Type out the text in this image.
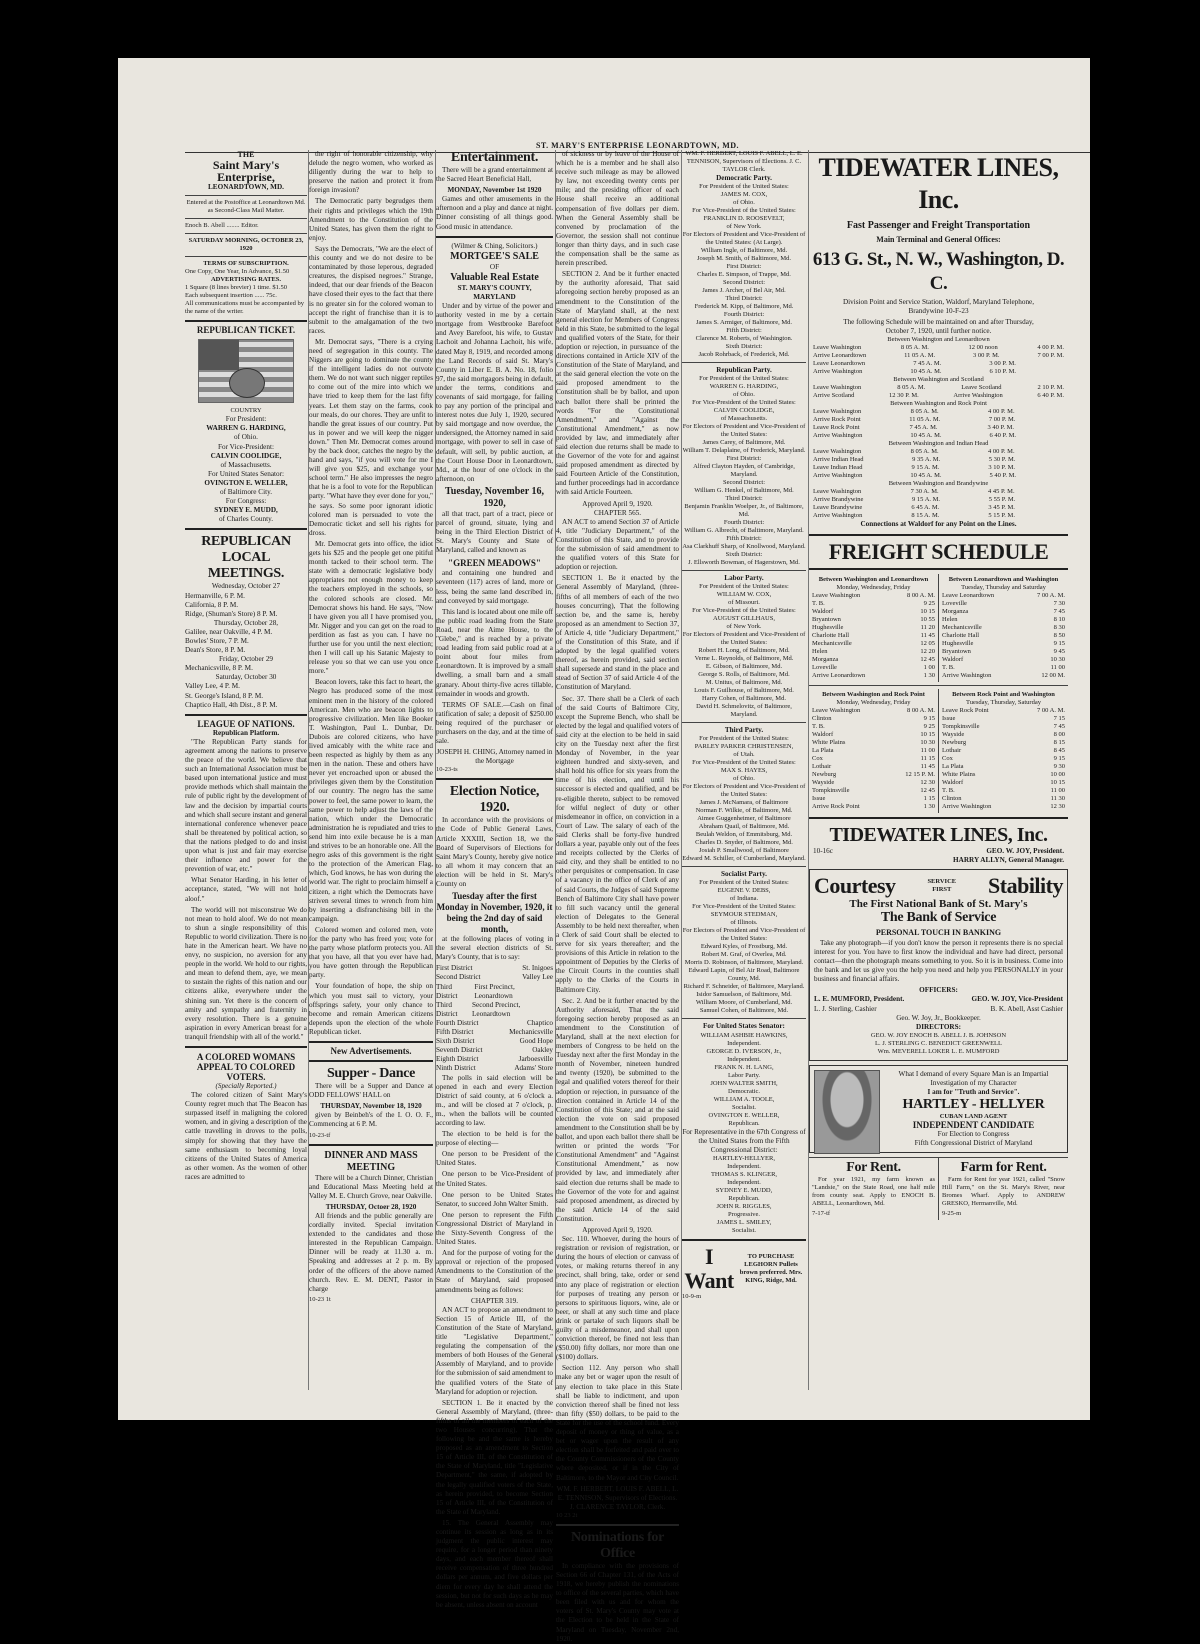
ST. MARY'S ENTERPRISE LEONARDTOWN, MD.
THE
Saint Mary's Enterprise,
LEONARDTOWN, MD.
Entered at the Postoffice at Leonardtown Md. as Second-Class Mail Matter.
Enoch B. Abell ........ Editor.
SATURDAY MORNING, OCTOBER 23, 1920
TERMS OF SUBSCRIPTION.
One Copy, One Year, In Advance, $1.50
ADVERTISING RATES.
1 Square (8 lines brevier) 1 time. $1.50
Each subsequent insertion ...... 75c.
All communications must be accompanied by the name of the writer.
REPUBLICAN TICKET.
COUNTRY
For President:
WARREN G. HARDING,
of Ohio.
For Vice-President:
CALVIN COOLIDGE,
of Massachusetts.
For United States Senator:
OVINGTON E. WELLER,
of Baltimore City.
For Congress:
SYDNEY E. MUDD,
of Charles County.
REPUBLICAN
LOCAL MEETINGS.
Wednesday, October 27
Hermanville, 6 P. M.
California, 8 P. M.
Ridge, (Shuman's Store) 8 P. M.
Thursday, October 28,
Galilee, near Oakville, 4 P. M.
Bowles' Store, 7 P. M.
Dean's Store, 8 P. M.
Friday, October 29
Mechanicsville, 8 P. M.
Saturday, October 30
Valley Lee, 4 P. M.
St. George's Island, 8 P. M.
Chaptico Hall, 4th Dist., 8 P. M.
LEAGUE OF NATIONS.
Republican Platform.

"The Republican Party stands for agreement among the nations to preserve the peace of the world. We believe that such an International Association must be based upon international justice and must provide methods which shall maintain the rule of public right by the development of law and the decision by impartial courts and which shall secure instant and general international conference whenever peace shall be threatened by political action, so that the nations pledged to do and insist upon what is just and fair may exercise their influence and power for the prevention of war, etc."

What Senator Harding, in his letter of acceptance, stated, "We will not hold aloof."

The world will not misconstrue We do not mean to hold aloof. We do not mean to shun a single responsibility of this Republic to world civilization. There is no hate in the American heart. We have no envy, no suspicion, no aversion for any people in the world. We hold to our rights, and mean to defend them, aye, we mean to sustain the rights of this nation and our citizens alike, everywhere under the shining sun. Yet there is the concern of amity and sympathy and fraternity in every resolution. There is a genuine aspiration in every American breast for a tranquil friendship with all of the world."

A COLORED WOMANS APPEAL TO COLORED VOTERS.
(Specially Reported.)

The colored citizen of Saint Mary's County regret much that The Beacon has surpassed itself in maligning the colored women, and in giving a description of the cattle travelling in droves to the polls, simply for showing that they have the same enthusiasm to becoming loyal citizens of the United States of America as other women. As the women of other races are admitted to

the right of honorable citizenship, why delude the negro women, who worked as diligently during the war to help to preserve the nation and protect it from foreign invasion?

The Democratic party begrudges them their rights and privileges which the 19th Amendment to the Constitution of the United States, has given them the right to enjoy.

Says the Democrats, "We are the elect of this county and we do not desire to be contaminated by those leperous, degraded creatures, the dispised negroes." Strange, indeed, that our dear friends of the Beacon have closed their eyes to the fact that there is no greater sin for the colored woman to accept the right of franchise than it is to submit to the amalgamation of the two races.

Mr. Democrat says, "There is a crying need of segregation in this county. The Niggers are going to dominate the county if the intelligent ladies do not outvote them. We do not want such nigger reptiles to come out of the mire into which we have tried to keep them for the last fifty years. Let them stay on the farms, cook our meals, do our chores. They are unfit to handle the great issues of our country. Put us in power and we will keep the nigger down." Then Mr. Democrat comes around by the back door, catches the negro by the hand and says, "if you will vote for me I will give you $25, and exchange your school term." He also impresses the negro that he is a fool to vote for the Republican party. "What have they ever done for you," he says. So some poor ignorant idiotic colored man is persuaded to vote the Democratic ticket and sell his rights for dross.

Mr. Democrat gets into office, the idiot gets his $25 and the people get one pitiful month tacked to their school term. The state with a democratic legislative body appropriates not enough money to keep the teachers employed in the schools, so the colored schools are closed. Mr. Democrat shows his hand. He says, "Now I have given you all I have promised you, Mr. Nigger and you can get on the road to perdition as fast as you can. I have no further use for you until the next election; then I will call up his Satanic Majesty to release you so that we can use you once more."

Beacon lovers, take this fact to heart, the Negro has produced some of the most eminent men in the history of the colored American. Men who are beacon lights to progressive civilization. Men like Booker T. Washington, Paul L. Dunbar, Dr. Dubois are colored citizens, who have lived amicably with the white race and been respected as highly by them as any men in the nation. These and others have never yet encroached upon or abused the privileges given them by the Constitution of our country. The negro has the same power to feel, the same power to learn, the same power to help adjust the laws of the nation, which under the Democratic administration he is repudiated and tries to send him into exile because he is a man and strives to be an honorable one. All the negro asks of this government is the right to the protection of the American Flag, which, God knows, he has won during the world war. The right to proclaim himself a citizen, a right which the Democrats have striven several times to wrench from him by inserting a disfranchising bill in the campaign.

Colored women and colored men, vote for the party who has freed you; vote for the party whose platform protects you. All that you have, all that you ever have had, you have gotten through the Republican party.

Your foundation of hope, the ship on which you must sail to victory, your offsprings safety, your only chance to become and remain American citizens depends upon the election of the whole Republican ticket.

New Advertisements.
Supper - Dance

There will be a Supper and Dance at ODD FELLOWS' HALL on

THURSDAY, November 18, 1920

given by Beinbeh's of the I. O. O. F., Commencing at 6 P. M.

10-23-tf
DINNER AND MASS MEETING

There will be a Church Dinner, Christian and Educational Mass Meeting held at Valley M. E. Church Grove, near Oakville.

THURSDAY, Octoer 28, 1920

All friends and the public generally are cordially invited. Special invitation extended to the candidates and those interested in the Republican Campaign. Dinner will be ready at 11.30 a. m. Speaking and addresses at 2 p. m. By order of the officers of the above named church. Rev. E. M. DENT, Pastor in charge

10-23 1t
Entertainment.

There will be a grand entertainment at the Sacred Heart Beneficial Hall,

MONDAY, November 1st 1920

Games and other amusements in the afternoon and a play and dance at night. Dinner consisting of all things good. Good music in attendance.

(Wilmer & Ching, Solicitors.)
MORTGEE'S SALE
OF
Valuable Real Estate
ST. MARY'S COUNTY, MARYLAND

Under and by virtue of the power and authority vested in me by a certain mortgage from Westbrooke Barefoot and Avey Barefoot, his wife, to Gustav Lachoit and Johanna Lachoit, his wife, dated May 8, 1919, and recorded among the Land Records of said St. Mary's County in Liber E. B. A. No. 18, folio 97, the said mortgagors being in default, under the terms, conditions and covenants of said mortgage, for failing to pay any portion of the principal and interest notes due July 1, 1920, secured by said mortgage and now overdue, the undersigned, the Attorney named in said mortgage, with power to sell in case of default, will sell, by public auction, at the Court House Door in Leonardtown, Md., at the hour of one o'clock in the afternoon, on

Tuesday, November 16, 1920,

all that tract, part of a tract, piece or parcel of ground, situate, lying and being in the Third Election District of St. Mary's County and State of Maryland, called and known as

"GREEN MEADOWS"

and containing one hundred and seventeen (117) acres of land, more or less, being the same land described in, and conveyed by said mortgage.

This land is located about one mile off the public road leading from the State Road, near the Aime House, to the "Glebe," and is reached by a private road leading from said public road at a point about four miles from Leonardtown. It is improved by a small dwelling, a small barn and a small granary. About thirty-five acres tillable, remainder in woods and growth.

TERMS OF SALE.—Cash on final ratification of sale; a deposit of $250.00 being required of the purchaser or purchasers on the day, and at the time of sale.

JOSEPH H. CHING, Attorney named in the Mortgage
10-23-ts
Election Notice, 1920.

In accordance with the provisions of the Code of Public General Laws, Article XXXIII, Section 18, we the Board of Supervisors of Elections for Saint Mary's County, hereby give notice to all whom it may concern that an election will be held in St. Mary's County on

Tuesday after the first Monday in November, 1920, it being the 2nd day of said month,

at the following places of voting in the several election districts of St. Mary's County, that is to say:

First District	St. Inigoes
Second District	Valley Lee
Third District
First Precinct, Leonardtown
Third District
Second Precinct, Leonardtown
Fourth District	Chaptico
Fifth District	Mechanicsville
Sixth District	Good Hope
Seventh District	Oakley
Eighth District	Jarboesville
Ninth District	Adams' Store

The polls in said election will be opened in each and every Election District of said county, at 6 o'clock a. m., and will be closed at 7 o'clock, p. m., when the ballots will be counted according to law.

The election to be held is for the purpose of electing—

One person to be President of the United States.

One person to be Vice-President of the United States.

One person to be United States Senator, to succeed John Walter Smith.

One person to represent the Fifth Congressional District of Maryland in the Sixty-Seventh Congress of the United States.

And for the purpose of voting for the approval or rejection of the proposed Amendments to the Constitution of the State of Maryland, said proposed amendments being as follows:

CHAPTER 319.

AN ACT to propose an amendment to Section 15 of Article III, of the Constitution of the State of Maryland, title "Legislative Department," regulating the compensation of the members of both Houses of the General Assembly of Maryland, and to provide for the submission of said amendment to the qualified voters of the State of Maryland for adoption or rejection.

SECTION 1. Be it enacted by the General Assembly of Maryland, (three-fifths of all the members of each of the two Houses concurring), That the following be and the same is hereby proposed as an amendment to Section 15 of Article III, of the Constitution of the State of Maryland, title "Legislative Department," the same, if adopted by the legally qualified voters of the State, as herein provided, to become Section 15 of Article III, of the Constitution of the State of Maryland.

15. The General Assembly may continue its session as long as in its judgment the public interest may require, for a longer period than ninety days, and each member thereof shall receive compensation of three hundred dollars per annum, and five dollars per diem for every day he shall attend the session, but not for such days as he may be absent, unless absent on account

of sickness or by leave of the House of which he is a member and he shall also receive such mileage as may be allowed by law, not exceeding twenty cents per mile; and the presiding officer of each House shall receive an additional compensation of five dollars per diem. When the General Assembly shall be convened by proclamation of the Governor, the session shall not continue longer than thirty days, and in such case the compensation shall be the same as herein prescribed.

SECTION 2. And be it further enacted by the authority aforesaid, That said aforegoing section hereby proposed as an amendment to the Constitution of the State of Maryland shall, at the next general election for Members of Congress held in this State, be submitted to the legal and qualified voters of the State, for their adoption or rejection, in pursuance of the directions contained in Article XIV of the Constitution of the State of Maryland, and at the said general election the vote on the said proposed amendment to the Constitution shall be by ballot, and upon each ballot there shall be printed the words "For the Constitutional Amendment," and "Against the Constitutional Amendment," as now provided by law, and immediately after said election due returns shall be made to the Governor of the vote for and against said proposed amendment as directed by said Fourteen Article of the Constitution, and further proceedings had in accordance with said Article Fourteen.

Approved April 9, 1920.
CHAPTER 565.

AN ACT to amend Section 37 of Article 4, title "Judiciary Department," of the Constitution of this State, and to provide for the submission of said amendment to the qualified voters of this State for adoption or rejection.

SECTION 1. Be it enacted by the General Assembly of Maryland, (three-fifths of all members of each of the two houses concurring), That the following section be, and the same is, hereby proposed as an amendment to Section 37, of Article 4, title "Judiciary Department," of the Constitution of this State, and if adopted by the legal qualified voters thereof, as herein provided, said section shall supersede and stand in the place and stead of Section 37 of said Article 4 of the Constitution of Maryland.

Sec. 37. There shall be a Clerk of each of the said Courts of Baltimore City, except the Supreme Bench, who shall be elected by the legal and qualified voters of said city at the election to be held in said city on the Tuesday next after the first Monday of November, in the year eighteen hundred and sixty-seven, and shall hold his office for six years from the time of his election, and until his successor is elected and qualified, and be re-eligible thereto, subject to be removed for wilful neglect of duty or other misdemeanor in office, on conviction in a Court of Law. The salary of each of the said Clerks shall be forty-five hundred dollars a year, payable only out of the fees and receipts collected by the Clerks of said city, and they shall be entitled to no other perquisites or compensation. In case of a vacancy in the office of Clerk of any of said Courts, the Judges of said Supreme Bench of Baltimore City shall have power to fill such vacancy until the general election of Delegates to the General Assembly to be held next thereafter, when a Clerk of said Court shall be elected to serve for six years thereafter; and the provisions of this Article in relation to the appointment of Deputies by the Clerks of the Circuit Courts in the counties shall apply to the Clerks of the Courts in Baltimore City.

Sec. 2. And be it further enacted by the Authority aforesaid, That the said foregoing section hereby proposed as an amendment to the Constitution of Maryland, shall at the next election for members of Congress to be held on the Tuesday next after the first Monday in the month of November, nineteen hundred and twenty (1920), be submitted to the legal and qualified voters thereof for their adoption or rejection, in pursuance of the direction contained in Article 14 of the Constitution of this State; and at the said election the vote on said proposed amendment to the Constitution shall be by ballot, and upon each ballot there shall be written or printed the words "For Constitutional Amendment" and "Against Constitutional Amendment," as now provided by law, and immediately after said election due returns shall be made to the Governor of the vote for and against said proposed amendment, as directed by the said Article 14 of the said Constitution.

Approved April 9, 1920.

Sec. 110. Whoever, during the hours of registration or revision of registration, or during the hours of election or canvass of votes, or making returns thereof in any precinct, shall bring, take, order or send into any place of registration or election for purposes of treating any person or persons to spirituous liquors, wine, ale or beer, or shall at any such time and place drink or partake of such liquors shall be guilty of a misdemeanor, and shall upon conviction thereof, be fined not less than ($50.00) fifty dollars, nor more than one ($100) dollars.

Section 112. Any person who shall make any bet or wager upon the result of any election to take place in this State shall be liable to indictment, and upon conviction thereof shall be fined not less than fifty ($50) dollars, to be paid to the State for the use of the school fund. Every deposit of money or thing of value, as a bet or wager upon the result of any election shall be forfeited and paid over to the County Commissioners of the County where deposited, or if in the City of Baltimore, to the Mayor and City Council.

WM. F. HERBERT, LOUIS F. ABELL, L. E. TENNISON, Supervisors of Elections.
J. CLARENCE TAYLOR, Clerk.
10 23 2t
Nominations for Office

In compliance with the provisions of Section 66 of Chapter 131, of the Acts of 1918, we hereby publish the nominations to office of the several parties, which have been filed with us and for whom the voters of St. Mary's County may vote at the Election to be held in the State of Maryland on Tuesday, November 2nd, 1920.

WM. F. HERBERT, LOUIS F. ABELL, L. E. TENNISON, Supervisors of Elections. J. C. TAYLOR Clerk.
Democratic Party.
For President of the United States:
JAMES M. COX,
of Ohio.
For Vice-President of the United States:
FRANKLIN D. ROOSEVELT,
of New York.
For Electors of President and Vice-President of the United States: (At Large).
William Ingle, of Baltimore, Md.
Joseph M. Smith, of Baltimore, Md.
First District:
Charles E. Simpson, of Trappe, Md.
Second District:
James J. Archer, of Bel Air, Md.
Third District:
Frederick M. Kipp, of Baltimore, Md.
Fourth District:
James S. Armiger, of Baltimore, Md.
Fifth District:
Clarence M. Roberts, of Washington.
Sixth District:
Jacob Rohrback, of Frederick, Md.
Republican Party.
For President of the United States:
WARREN G. HARDING,
of Ohio.
For Vice-President of the United States:
CALVIN COOLIDGE,
of Massachusetts.
For Electors of President and Vice-President of the United States:
James Carey, of Baltimore, Md.
William T. Delaplaine, of Frederick, Maryland.
First District:
Alfred Clayton Hayden, of Cambridge, Maryland.
Second District:
William G. Henkel, of Baltimore, Md.
Third District:
Benjamin Franklin Woelper, Jr., of Baltimore, Md.
Fourth District:
William G. Albrecht, of Baltimore, Maryland.
Fifth District:
Asa Clarkhuff Sharp, of Knollwood, Maryland.
Sixth District:
J. Ellsworth Bowman, of Hagerstown, Md.
Labor Party.
For President of the United States:
WILLIAM W. COX,
of Missouri.
For Vice-President of the United States:
AUGUST GILLHAUS,
of New York.
For Electors of President and Vice-President of the United States:
Robert H. Long, of Baltimore, Md.
Verne L. Reynolds, of Baltimore, Md.
E. Gibson, of Baltimore, Md.
George S. Rolls, of Baltimore, Md.
M. Unitus, of Baltimore, Md.
Louis F. Guilhouse, of Baltimore, Md.
Harry Cohen, of Baltimore, Md.
David H. Schmelovitz, of Baltimore, Maryland.
Third Party.
For President of the United States:
PARLEY PARKER CHRISTENSEN,
of Utah.
For Vice-President of the United States:
MAX S. HAYES,
of Ohio.
For Electors of President and Vice-President of the United States:
James J. McNamara, of Baltimore
Norman F. Wilkie, of Baltimore, Md.
Aimee Guggenheimer, of Baltimore
Abraham Quail, of Baltimore, Md.
Beulah Weldon, of Emmitsburg, Md.
Charles D. Snyder, of Baltimore, Md.
Josiah P. Smallwood, of Baltimore
Edward M. Schiller, of Cumberland, Maryland.
Socialist Party.
For President of the United States:
EUGENE V. DEBS,
of Indiana.
For Vice-President of the United States:
SEYMOUR STEDMAN,
of Illinois.
For Electors of President and Vice-President of the United States:
Edward Kyles, of Frostburg, Md.
Robert M. Graf, of Overlea, Md.
Morris D. Robinson, of Baltimore, Maryland.
Edward Lapin, of Bel Air Road, Baltimore County, Md.
Richard F. Schneider, of Baltimore, Maryland.
Isidor Samuelson, of Baltimore, Md.
William Moore, of Cumberland, Md.
Samuel Cohen, of Baltimore, Md.
For United States Senator:
WILLIAM ASHBIE HAWKINS,
Independent.
GEORGE D. IVERSON, Jr.,
Independent.
FRANK N. H. LANG,
Labor Party.
JOHN WALTER SMITH,
Democratic.
WILLIAM A. TOOLE,
Socialist.
OVINGTON E. WELLER,
Republican.
For Representative in the 67th Congress of the United States from the Fifth Congressional District:
HARTLEY-HELLYER,
Independent.
THOMAS S. KLINGER,
Independent.
SYDNEY E. MUDD,
Republican.
JOHN R. RIGGLES,
Progressive.
JAMES L. SMILEY,
Socialist.
I Want
TO PURCHASE LEGHORN Pullets brown preferred. Mrs. KING, Ridge, Md.
10-9-m
TIDEWATER LINES, Inc.
Fast Passenger and Freight Transportation
Main Terminal and General Offices:
613 G. St., N. W., Washington, D. C.
Division Point and Service Station, Waldorf, Maryland Telephone, Brandywine 10-F-23
The following Schedule will be maintained on and after Thursday,
October 7, 1920, until further notice.
Between Washington and Leonardtown
Leave Washington	8 05 A. M.	12 00 noon	4 00 P. M.
Arrive Leonardtown	11 05 A. M.	3 00 P. M.	7 00 P. M.
Leave Leonardtown	7 45 A. M.	3 00 P. M.
Arrive Washington	10 45 A. M.	6 10 P. M.
Between Washington and Scotland
Leave Washington	8 05 A. M.	Leave Scotland	2 10 P. M.
Arrive Scotland	12 30 P. M.	Arrive Washington	6 40 P. M.
Between Washington and Rock Point
Leave Washington	8 05 A. M.	4 00 P. M.
Arrive Rock Point	11 05 A. M.	7 00 P. M.
Leave Rock Point	7 45 A. M.	3 40 P. M.
Arrive Washington	10 45 A. M.	6 40 P. M.
Between Washington and Indian Head
Leave Washington	8 05 A. M.	4 00 P. M.
Arrive Indian Head	9 35 A. M.	5 30 P. M.
Leave Indian Head	9 15 A. M.	3 10 P. M.
Arrive Washington	10 45 A. M.	5 40 P. M.
Between Washington and Brandywine
Leave Washington	7 30 A. M.	4 45 P. M.
Arrive Brandywine	9 15 A. M.	5 55 P. M.
Leave Brandywine	6 45 A. M.	3 45 P. M.
Arrive Washington	8 15 A. M.	5 15 P. M.
Connections at Waldorf for any Point on the Lines.
FREIGHT SCHEDULE
Between Washington and Leonardtown
Monday, Wednesday, Friday
Leave Washington	8 00 A. M.
T. B.	9 25
Waldorf	10 15
Bryantown	10 55
Hughesville	11 20
Charlotte Hall	11 45
Mechanicsville	12 05
Helen	12 20
Morganza	12 45
Loveville	1 00
Arrive Leonardtown	1 30
Between Leonardtown and Washington
Tuesday, Thursday and Saturday
Leave Leonardtown	7 00 A. M.
Loveville	7 30
Morganza	7 45
Helen	8 10
Mechanicsville	8 30
Charlotte Hall	8 50
Hughesville	9 15
Bryantown	9 45
Waldorf	10 30
T. B.	11 00
Arrive Washington	12 00 M.
Between Washington and Rock Point
Monday, Wednesday, Friday
Leave Washington	8 00 A. M.
Clinton	9 15
T. B.	9 25
Waldorf	10 15
White Plains	10 30
La Plata	11 00
Cox	11 15
Lothair	11 45
Newburg	12 15 P. M.
Wayside	12 30
Tompkinsville	12 45
Issue	1 15
Arrive Rock Point	1 30
Between Rock Point and Washington
Tuesday, Thursday, Saturday
Leave Rock Point	7 00 A. M.
Issue	7 15
Tompkinsville	7 45
Wayside	8 00
Newburg	8 15
Lothair	8 45
Cox	9 15
La Plata	9 30
White Plains	10 00
Waldorf	10 15
T. B.	11 00
Clinton	11 30
Arrive Washington	12 30
TIDEWATER LINES, Inc.
10-16c	GEO. W. JOY, President.
HARRY ALLYN, General Manager.
Courtesy	SERVICE FIRST	Stability
The First National Bank of St. Mary's
The Bank of Service
PERSONAL TOUCH IN BANKING

Take any photograph—if you don't know the person it represents there is no special interest for you. You have to first know the individual and have had direct, personal contact—then the photograph means something to you. So it is in business. Come into the bank and let us give you the help you need and help you PERSONALLY in your business and financial affairs.

OFFICERS:
L. E. MUMFORD, President.	GEO. W. JOY, Vice-President
L. J. Sterling, Cashier	B. K. Abell, Asst Cashier
Geo. W. Joy, Jr., Bookkeeper.
DIRECTORS:
GEO. W. JOY ENOCH B. ABELL J. B. JOHNSON
L. J. STERLING C. BENEDICT GREENWELL
Wm. MEVERELL LOKER L. E. MUMFORD
What I demand of every Square Man is an Impartial Investigation of my Character
I am for "Truth and Service".
HARTLEY - HELLYER
CUBAN LAND AGENT
INDEPENDENT CANDIDATE
For Election to Congress
Fifth Congressional District of Maryland
For Rent.

For year 1921, my farm known as "Landsie," on the State Road, one half mile from county seat. Apply to ENOCH B. ABELL, Leonardtown, Md.

7-17-tf
Farm for Rent.

Farm for Rent for year 1921, called "Snow Hill Farm," on the St. Mary's River, near Bromes Wharf. Apply to ANDREW GRESKO, Hermanville, Md.

9-25-m
